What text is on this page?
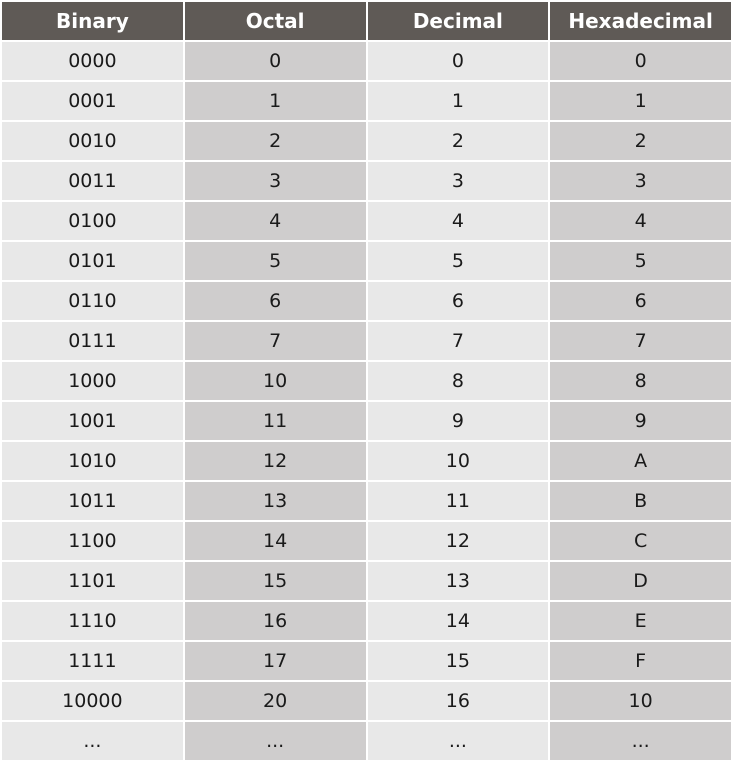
Binary	Octal	Decimal	Hexadecimal
0000	0	0	0
0001	1	1	1
0010	2	2	2
0011	3	3	3
0100	4	4	4
0101	5	5	5
0110	6	6	6
0111	7	7	7
1000	10	8	8
1001	11	9	9
1010	12	10	A
1011	13	11	B
1100	14	12	C
1101	15	13	D
1110	16	14	E
1111	17	15	F
10000	20	16	10
...	...	...	...
